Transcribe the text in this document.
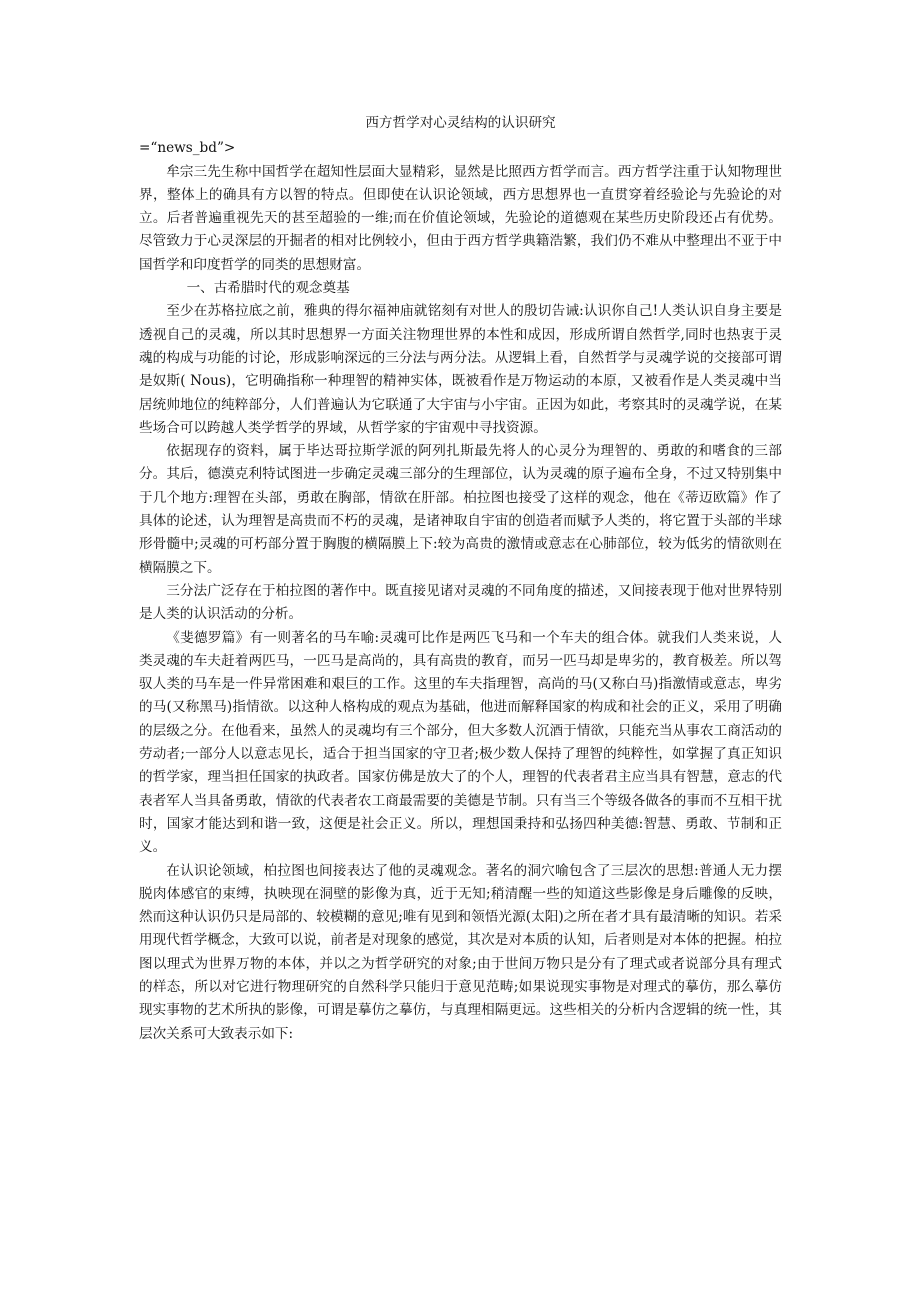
西方哲学对心灵结构的认识研究
=“news_bd”>

牟宗三先生称中国哲学在超知性层面大显精彩，显然是比照西方哲学而言。西方哲学注重于认知物理世界，整体上的确具有方以智的特点。但即使在认识论领域，西方思想界也一直贯穿着经验论与先验论的对立。后者普遍重视先天的甚至超验的一维;而在价值论领域，先验论的道德观在某些历史阶段还占有优势。尽管致力于心灵深层的开掘者的相对比例较小，但由于西方哲学典籍浩繁，我们仍不难从中整理出不亚于中国哲学和印度哲学的同类的思想财富。

一、古希腊时代的观念奠基

至少在苏格拉底之前，雅典的得尔福神庙就铭刻有对世人的殷切告诫:认识你自己!人类认识自身主要是透视自己的灵魂，所以其时思想界一方面关注物理世界的本性和成因，形成所谓自然哲学,同时也热衷于灵魂的构成与功能的讨论，形成影响深远的三分法与两分法。从逻辑上看，自然哲学与灵魂学说的交接部可谓是奴斯( Nous)，它明确指称一种理智的精神实体，既被看作是万物运动的本原，又被看作是人类灵魂中当居统帅地位的纯粹部分，人们普遍认为它联通了大宇宙与小宇宙。正因为如此，考察其时的灵魂学说，在某些场合可以跨越人类学哲学的界域，从哲学家的宇宙观中寻找资源。

依据现存的资料，属于毕达哥拉斯学派的阿列扎斯最先将人的心灵分为理智的、勇敢的和嗜食的三部分。其后，德漠克利特试图进一步确定灵魂三部分的生理部位，认为灵魂的原子遍布全身，不过又特别集中于几个地方:理智在头部，勇敢在胸部，情欲在肝部。柏拉图也接受了这样的观念，他在《蒂迈欧篇》作了具体的论述，认为理智是高贵而不朽的灵魂，是诸神取自宇宙的创造者而赋予人类的，将它置于头部的半球形骨髓中;灵魂的可朽部分置于胸腹的横隔膜上下:较为高贵的激情或意志在心肺部位，较为低劣的情欲则在横隔膜之下。

三分法广泛存在于柏拉图的著作中。既直接见诸对灵魂的不同角度的描述，又间接表现于他对世界特别是人类的认识活动的分析。

《斐德罗篇》有一则著名的马车喻:灵魂可比作是两匹飞马和一个车夫的组合体。就我们人类来说，人类灵魂的车夫赶着两匹马，一匹马是高尚的，具有高贵的教育，而另一匹马却是卑劣的，教育极差。所以驾驭人类的马车是一件异常困难和艰巨的工作。这里的车夫指理智，高尚的马(又称白马)指激情或意志，卑劣的马(又称黑马)指情欲。以这种人格构成的观点为基础，他进而解释国家的构成和社会的正义，采用了明确的层级之分。在他看来，虽然人的灵魂均有三个部分，但大多数人沉酒于情欲，只能充当从事农工商活动的劳动者;一部分人以意志见长，适合于担当国家的守卫者;极少数人保持了理智的纯粹性，如掌握了真正知识的哲学家，理当担任国家的执政者。国家仿佛是放大了的个人，理智的代表者君主应当具有智慧，意志的代表者军人当具备勇敢，情欲的代表者农工商最需要的美德是节制。只有当三个等级各做各的事而不互相干扰时，国家才能达到和谐一致，这便是社会正义。所以，理想国秉持和弘扬四种美德:智慧、勇敢、节制和正义。

在认识论领域，柏拉图也间接表达了他的灵魂观念。著名的洞穴喻包含了三层次的思想:普通人无力摆脱肉体感官的束缚，执映现在洞壁的影像为真，近于无知;稍清醒一些的知道这些影像是身后雕像的反映，然而这种认识仍只是局部的、较模糊的意见;唯有见到和领悟光源(太阳)之所在者才具有最清晰的知识。若采用现代哲学概念，大致可以说，前者是对现象的感觉，其次是对本质的认知，后者则是对本体的把握。柏拉图以理式为世界万物的本体，并以之为哲学研究的对象;由于世间万物只是分有了理式或者说部分具有理式的样态，所以对它进行物理研究的自然科学只能归于意见范畴;如果说现实事物是对理式的摹仿，那么摹仿现实事物的艺术所执的影像，可谓是摹仿之摹仿，与真理相隔更远。这些相关的分析内含逻辑的统一性，其层次关系可大致表示如下:
